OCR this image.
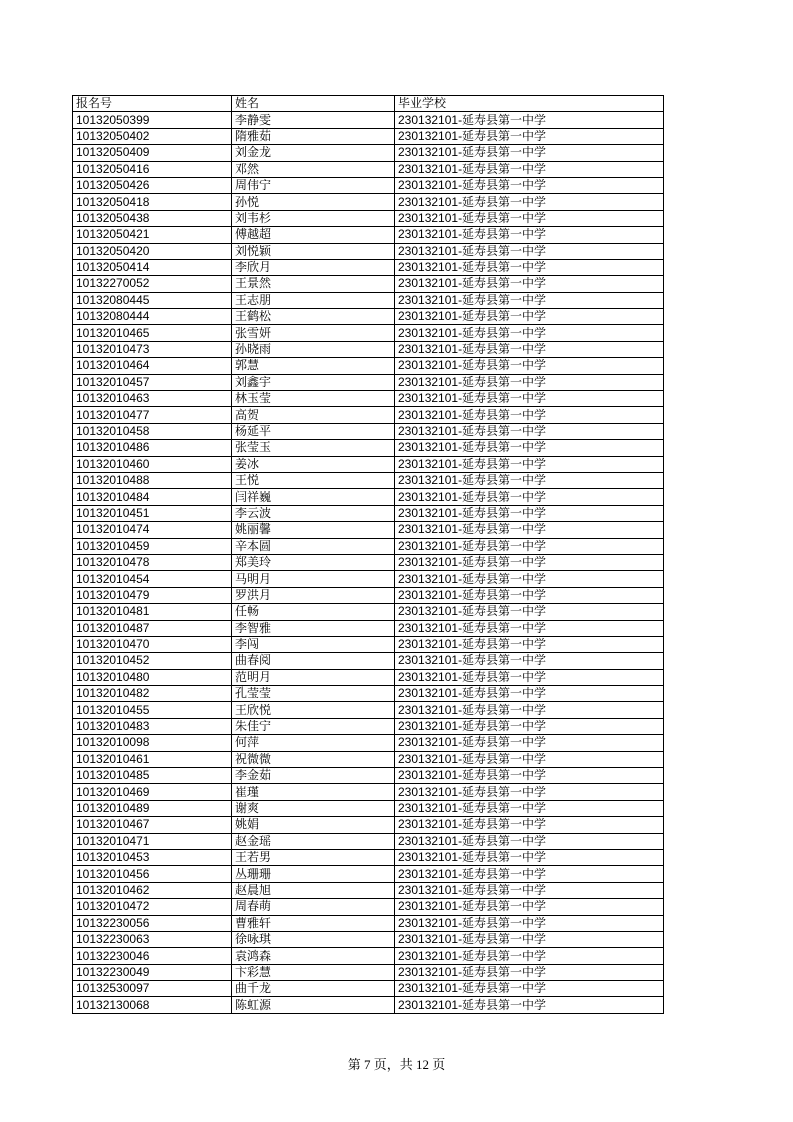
报名号	姓名	毕业学校
10132050399	李静雯	230132101-延寿县第一中学
10132050402	隋雅茹	230132101-延寿县第一中学
10132050409	刘金龙	230132101-延寿县第一中学
10132050416	邓然	230132101-延寿县第一中学
10132050426	周伟宁	230132101-延寿县第一中学
10132050418	孙悦	230132101-延寿县第一中学
10132050438	刘韦杉	230132101-延寿县第一中学
10132050421	傅越超	230132101-延寿县第一中学
10132050420	刘悦颖	230132101-延寿县第一中学
10132050414	李欣月	230132101-延寿县第一中学
10132270052	王景然	230132101-延寿县第一中学
10132080445	王志朋	230132101-延寿县第一中学
10132080444	王鹤松	230132101-延寿县第一中学
10132010465	张雪妍	230132101-延寿县第一中学
10132010473	孙晓雨	230132101-延寿县第一中学
10132010464	郭慧	230132101-延寿县第一中学
10132010457	刘鑫宇	230132101-延寿县第一中学
10132010463	林玉莹	230132101-延寿县第一中学
10132010477	高贺	230132101-延寿县第一中学
10132010458	杨延平	230132101-延寿县第一中学
10132010486	张莹玉	230132101-延寿县第一中学
10132010460	姜冰	230132101-延寿县第一中学
10132010488	王悦	230132101-延寿县第一中学
10132010484	闫祥巍	230132101-延寿县第一中学
10132010451	李云波	230132101-延寿县第一中学
10132010474	姚丽馨	230132101-延寿县第一中学
10132010459	辛本圆	230132101-延寿县第一中学
10132010478	郑美玲	230132101-延寿县第一中学
10132010454	马明月	230132101-延寿县第一中学
10132010479	罗洪月	230132101-延寿县第一中学
10132010481	任畅	230132101-延寿县第一中学
10132010487	李智雅	230132101-延寿县第一中学
10132010470	李闯	230132101-延寿县第一中学
10132010452	曲春阅	230132101-延寿县第一中学
10132010480	范明月	230132101-延寿县第一中学
10132010482	孔莹莹	230132101-延寿县第一中学
10132010455	王欣悦	230132101-延寿县第一中学
10132010483	朱佳宁	230132101-延寿县第一中学
10132010098	何萍	230132101-延寿县第一中学
10132010461	祝微微	230132101-延寿县第一中学
10132010485	李金茹	230132101-延寿县第一中学
10132010469	崔瑾	230132101-延寿县第一中学
10132010489	谢爽	230132101-延寿县第一中学
10132010467	姚娟	230132101-延寿县第一中学
10132010471	赵金瑶	230132101-延寿县第一中学
10132010453	王若男	230132101-延寿县第一中学
10132010456	丛珊珊	230132101-延寿县第一中学
10132010462	赵晨旭	230132101-延寿县第一中学
10132010472	周春萌	230132101-延寿县第一中学
10132230056	曹雅轩	230132101-延寿县第一中学
10132230063	徐咏琪	230132101-延寿县第一中学
10132230046	袁鸿森	230132101-延寿县第一中学
10132230049	卞彩慧	230132101-延寿县第一中学
10132530097	曲千龙	230132101-延寿县第一中学
10132130068	陈虹源	230132101-延寿县第一中学
第 7 页，共 12 页
